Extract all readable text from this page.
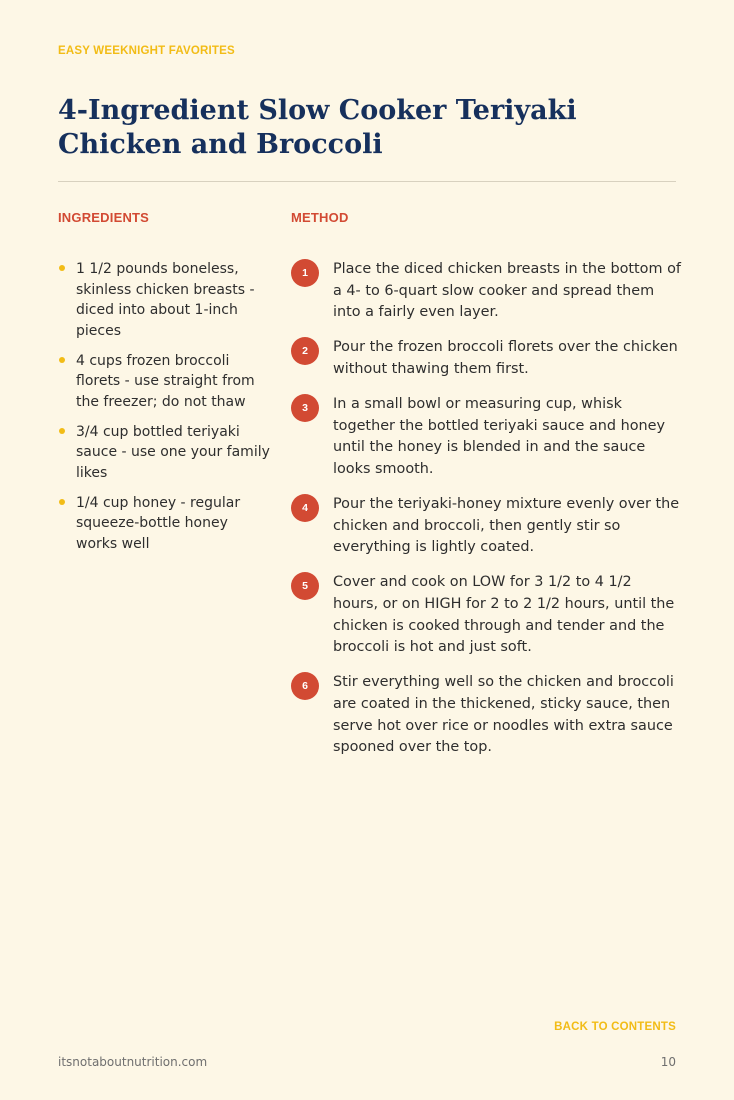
EASY WEEKNIGHT FAVORITES
4-Ingredient Slow Cooker Teriyaki Chicken and Broccoli
INGREDIENTS	METHOD
1 1/2 pounds boneless, skinless chicken breasts - diced into about 1-inch pieces
4 cups frozen broccoli florets - use straight from the freezer; do not thaw
3/4 cup bottled teriyaki sauce - use one your family likes
1/4 cup honey - regular squeeze-bottle honey works well
1	Place the diced chicken breasts in the bottom of a 4- to 6-quart slow cooker and spread them into a fairly even layer.
2	Pour the frozen broccoli florets over the chicken without thawing them first.
3	In a small bowl or measuring cup, whisk together the bottled teriyaki sauce and honey until the honey is blended in and the sauce looks smooth.
4	Pour the teriyaki-honey mixture evenly over the chicken and broccoli, then gently stir so everything is lightly coated.
5	Cover and cook on LOW for 3 1/2 to 4 1/2 hours, or on HIGH for 2 to 2 1/2 hours, until the chicken is cooked through and tender and the broccoli is hot and just soft.
6	Stir everything well so the chicken and broccoli are coated in the thickened, sticky sauce, then serve hot over rice or noodles with extra sauce spooned over the top.
BACK TO CONTENTS
itsnotaboutnutrition.com	10
